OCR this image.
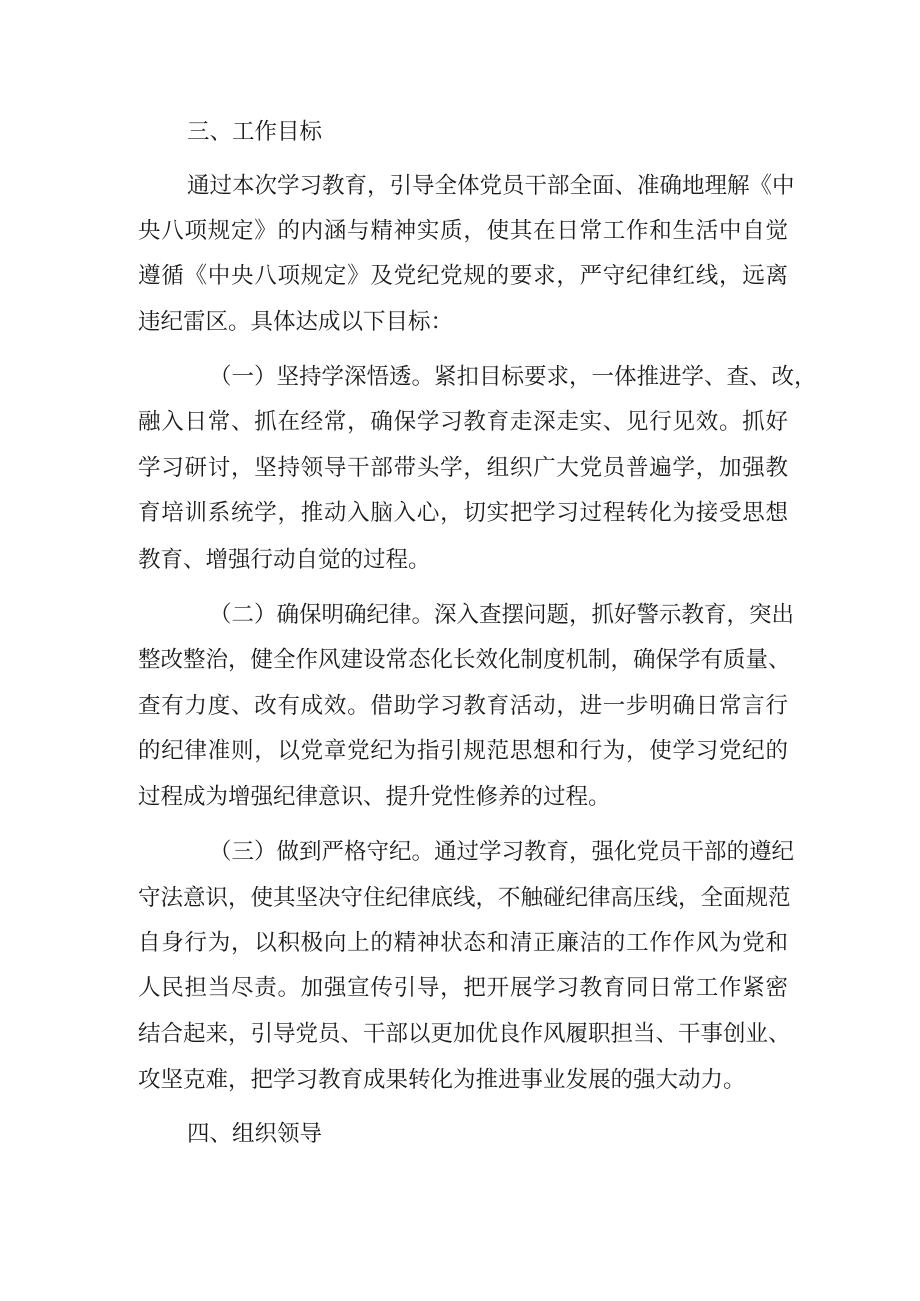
三、工作目标
通过本次学习教育，引导全体党员干部全面、准确地理解《中
央八项规定》的内涵与精神实质，使其在日常工作和生活中自觉
遵循《中央八项规定》及党纪党规的要求，严守纪律红线，远离
违纪雷区。具体达成以下目标：
（一）坚持学深悟透。紧扣目标要求，一体推进学、查、改，
融入日常、抓在经常，确保学习教育走深走实、见行见效。抓好
学习研讨，坚持领导干部带头学，组织广大党员普遍学，加强教
育培训系统学，推动入脑入心，切实把学习过程转化为接受思想
教育、增强行动自觉的过程。
（二）确保明确纪律。深入查摆问题，抓好警示教育，突出
整改整治，健全作风建设常态化长效化制度机制，确保学有质量、
查有力度、改有成效。借助学习教育活动，进一步明确日常言行
的纪律准则，以党章党纪为指引规范思想和行为，使学习党纪的
过程成为增强纪律意识、提升党性修养的过程。
（三）做到严格守纪。通过学习教育，强化党员干部的遵纪
守法意识，使其坚决守住纪律底线，不触碰纪律高压线，全面规范
自身行为，以积极向上的精神状态和清正廉洁的工作作风为党和
人民担当尽责。加强宣传引导，把开展学习教育同日常工作紧密
结合起来，引导党员、干部以更加优良作风履职担当、干事创业、
攻坚克难，把学习教育成果转化为推进事业发展的强大动力。
四、组织领导
